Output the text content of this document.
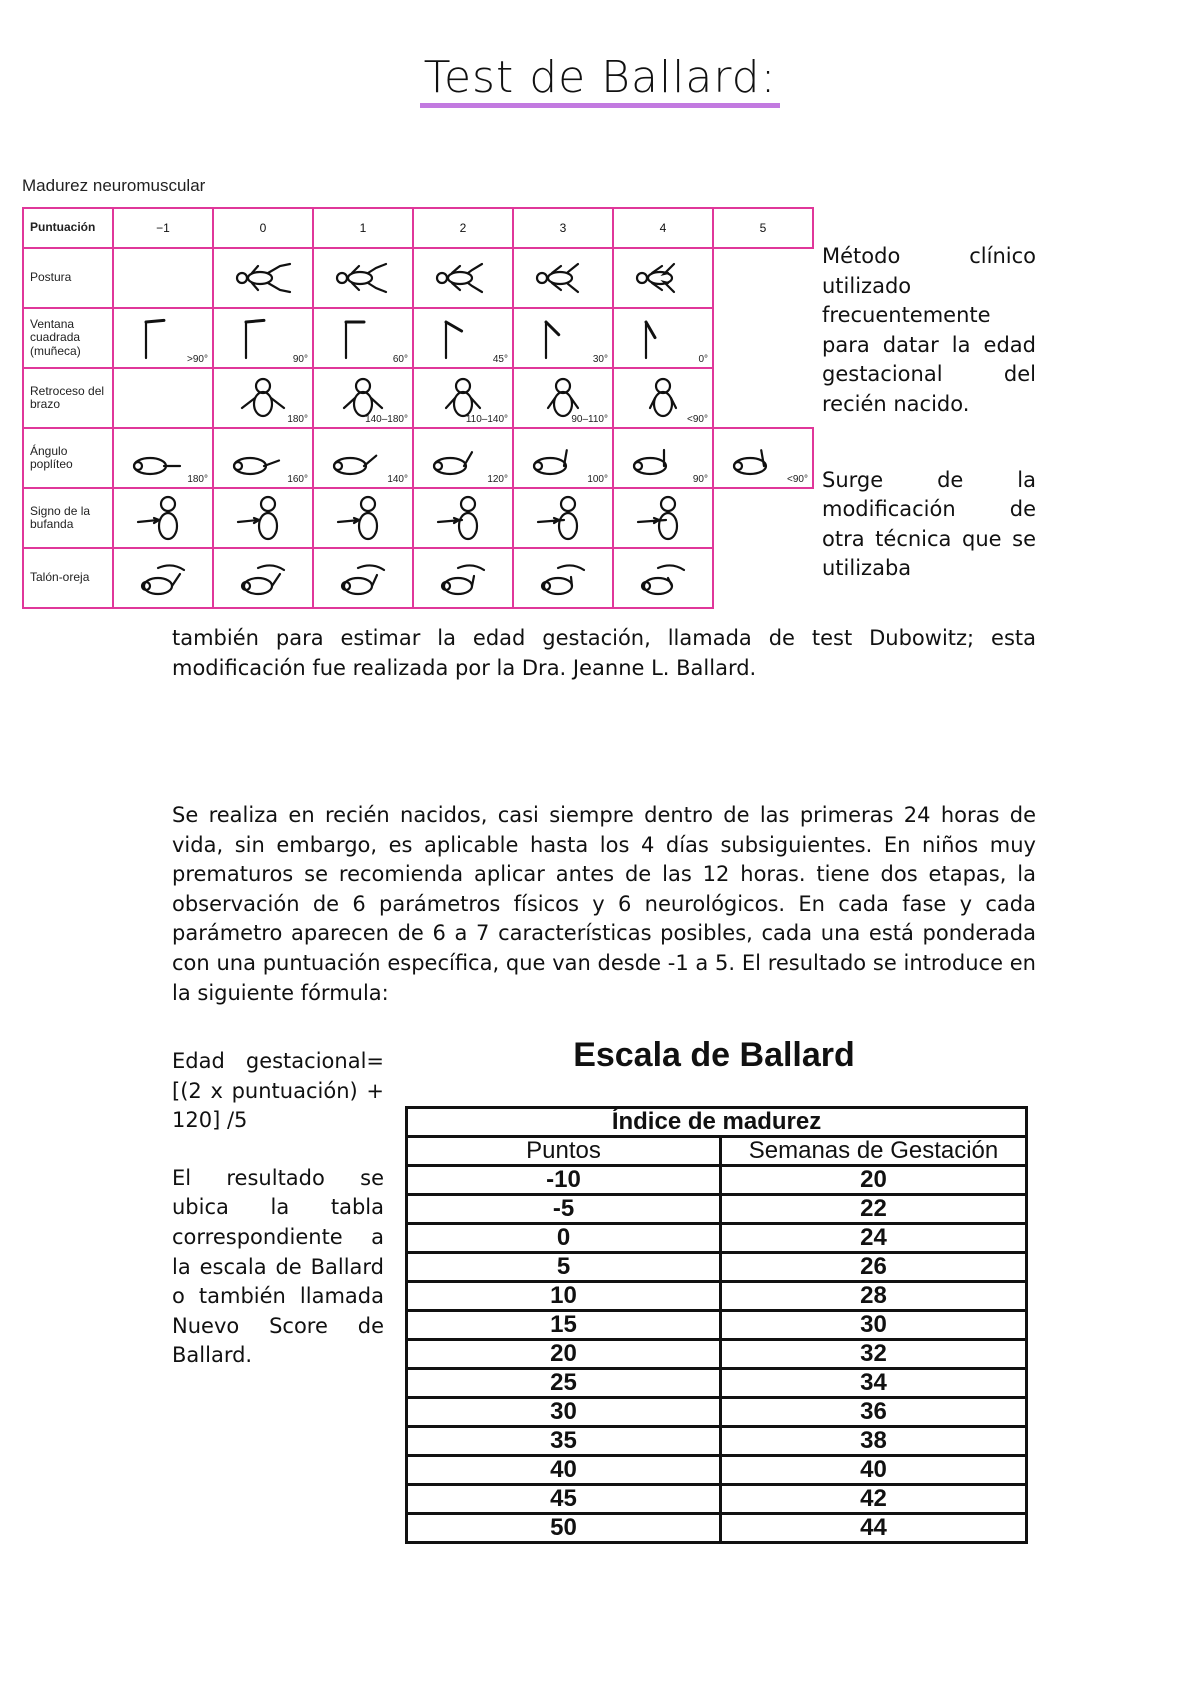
Test de Ballard:
Madurez neuromuscular
Puntuación	−1	0	1	2	3	4	5
Postura		

Ventana cuadrada (muñeca)	>90°	90°	60°	45°	30°	0°	

Retroceso del brazo		180°	140–180°	110–140°	90–110°	<90°	

Ángulo poplíteo	180°	160°	140°	120°	100°	90°	<90°

Signo de la bufanda	

Talón-oreja	

Método clínico utilizado frecuentemente para datar la edad gestacional del recién nacido.

Surge de la modificación de otra técnica que se utilizaba

también para estimar la edad gestación, llamada de test Dubowitz; esta modificación fue realizada por la Dra. Jeanne L. Ballard.

Se realiza en recién nacidos, casi siempre dentro de las primeras 24 horas de vida, sin embargo, es aplicable hasta los 4 días subsiguientes. En niños muy prematuros se recomienda aplicar antes de las 12 horas. tiene dos etapas, la observación de 6 parámetros físicos y 6 neurológicos. En cada fase y cada parámetro aparecen de 6 a 7 características posibles, cada una está ponderada con una puntuación específica, que van desde -1 a 5. El resultado se introduce en la siguiente fórmula:

Edad gestacional= [(2 x puntuación) + 120] /5

El resultado se ubica la tabla correspondiente a la escala de Ballard o también llamada Nuevo Score de Ballard.

Escala de Ballard
Índice de madurez	
Puntos	Semanas de Gestación
-10	20
-5	22
0	24
5	26
10	28
15	30
20	32
25	34
30	36
35	38
40	40
45	42
50	44
